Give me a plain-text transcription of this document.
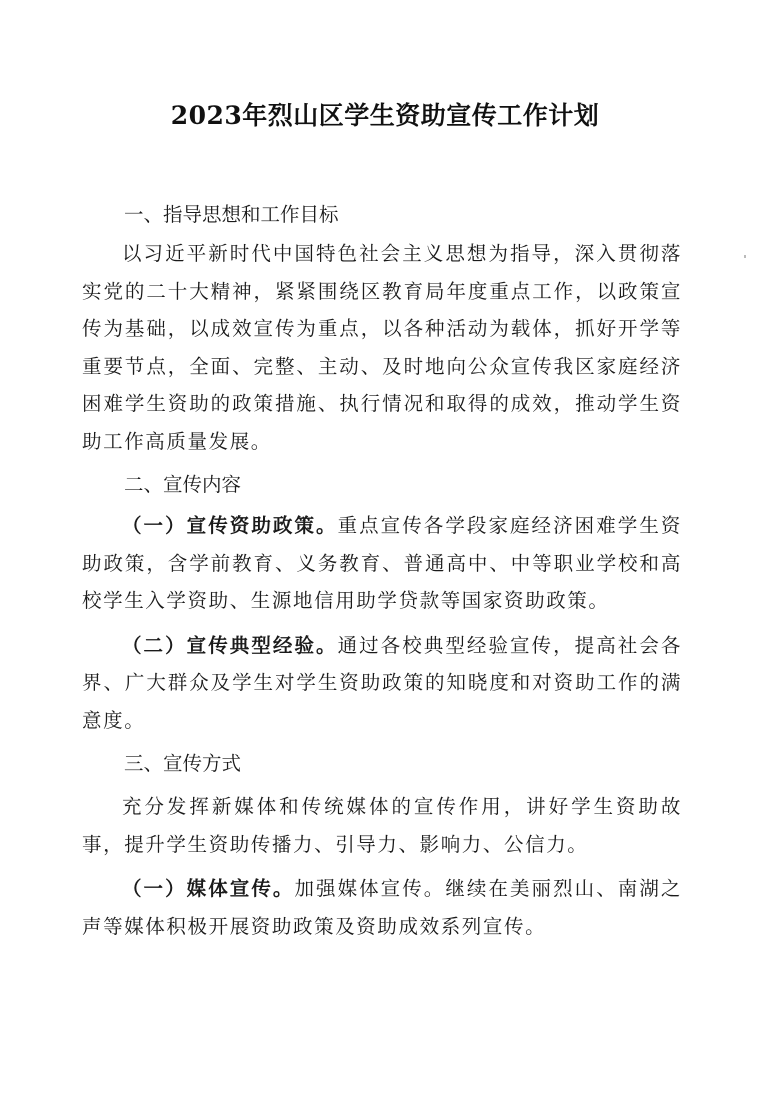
2023年烈山区学生资助宣传工作计划

一、指导思想和工作目标

以习近平新时代中国特色社会主义思想为指导，深入贯彻落实党的二十大精神，紧紧围绕区教育局年度重点工作，以政策宣传为基础，以成效宣传为重点，以各种活动为载体，抓好开学等重要节点，全面、完整、主动、及时地向公众宣传我区家庭经济困难学生资助的政策措施、执行情况和取得的成效，推动学生资助工作高质量发展。

二、宣传内容

（一）宣传资助政策。重点宣传各学段家庭经济困难学生资助政策，含学前教育、义务教育、普通高中、中等职业学校和高校学生入学资助、生源地信用助学贷款等国家资助政策。

（二）宣传典型经验。通过各校典型经验宣传，提高社会各界、广大群众及学生对学生资助政策的知晓度和对资助工作的满意度。

三、宣传方式

充分发挥新媒体和传统媒体的宣传作用，讲好学生资助故事，提升学生资助传播力、引导力、影响力、公信力。

（一）媒体宣传。加强媒体宣传。继续在美丽烈山、南湖之声等媒体积极开展资助政策及资助成效系列宣传。
